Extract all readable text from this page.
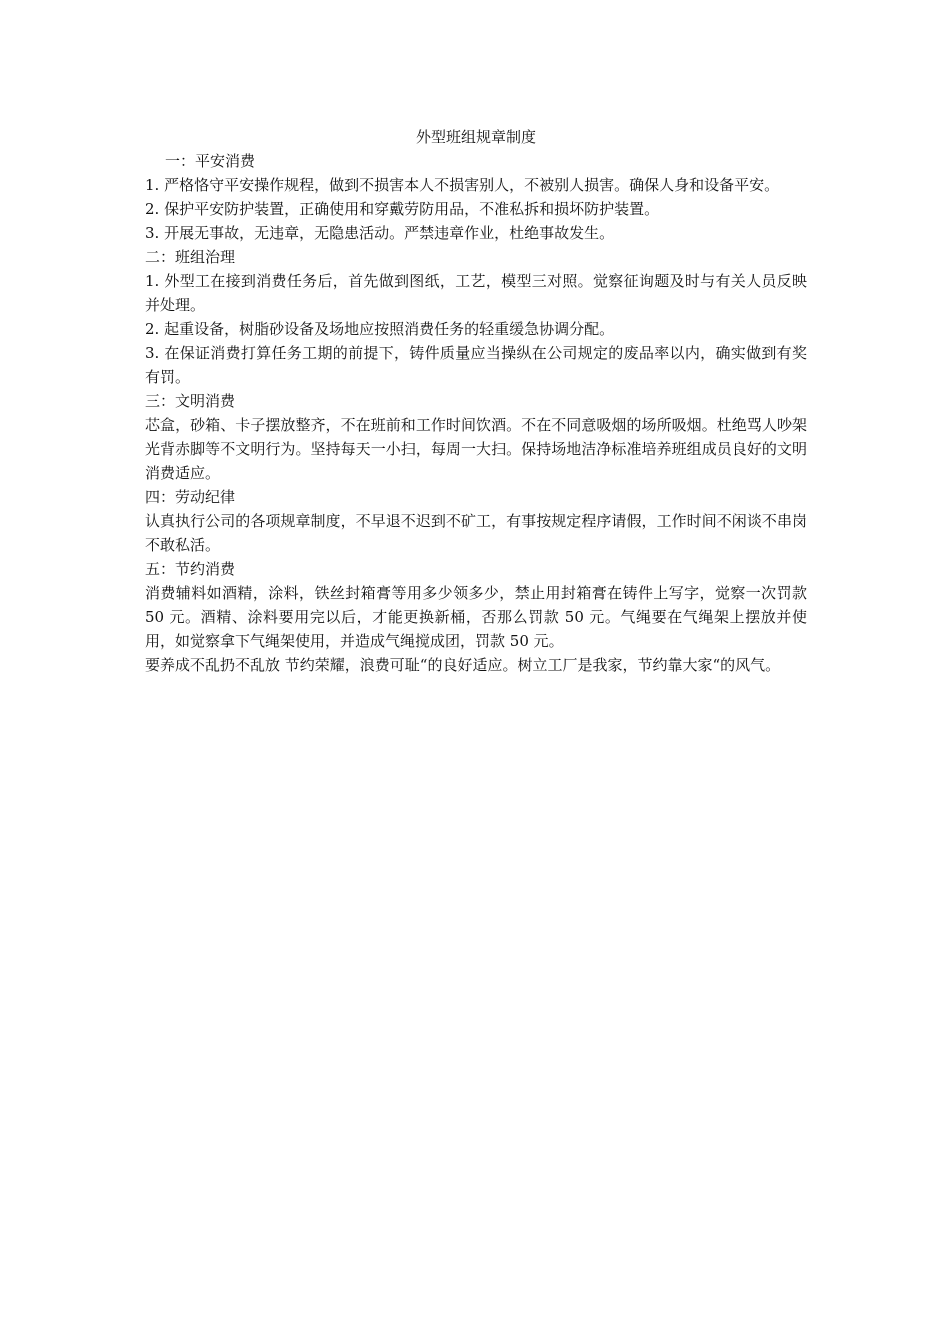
外型班组规章制度

一：平安消费

1. 严格恪守平安操作规程，做到不损害本人不损害别人，不被别人损害。确保人身和设备平安。

2. 保护平安防护装置，正确使用和穿戴劳防用品，不准私拆和损坏防护装置。

3. 开展无事故，无违章，无隐患活动。严禁违章作业，杜绝事故发生。

二：班组治理

1. 外型工在接到消费任务后，首先做到图纸，工艺，模型三对照。觉察征询题及时与有关人员反映并处理。

2. 起重设备，树脂砂设备及场地应按照消费任务的轻重缓急协调分配。

3. 在保证消费打算任务工期的前提下，铸件质量应当操纵在公司规定的废品率以内，确实做到有奖有罚。

三：文明消费

芯盒，砂箱、卡子摆放整齐，不在班前和工作时间饮酒。不在不同意吸烟的场所吸烟。杜绝骂人吵架光背赤脚等不文明行为。坚持每天一小扫，每周一大扫。保持场地洁净标准培养班组成员良好的文明消费适应。

四：劳动纪律

认真执行公司的各项规章制度，不早退不迟到不矿工，有事按规定程序请假，工作时间不闲谈不串岗不敢私活。

五：节约消费

消费辅料如酒精，涂料，铁丝封箱膏等用多少领多少，禁止用封箱膏在铸件上写字，觉察一次罚款 50 元。酒精、涂料要用完以后，才能更换新桶，否那么罚款 50 元。气绳要在气绳架上摆放并使用，如觉察拿下气绳架使用，并造成气绳搅成团，罚款 50 元。

要养成不乱扔不乱放 节约荣耀，浪费可耻“的良好适应。树立工厂是我家，节约靠大家“的风气。
